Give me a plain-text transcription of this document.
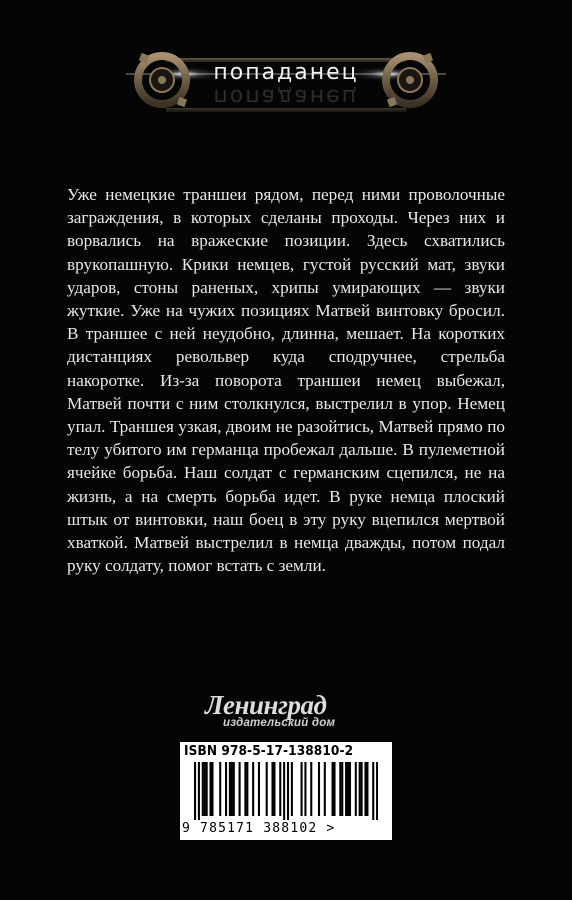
попаданец
попаданец

Уже немецкие траншеи рядом, перед ними проволочные заграждения, в которых сделаны проходы. Через них и ворвались на вражеские позиции. Здесь схватились врукопашную. Крики немцев, густой русский мат, звуки ударов, стоны раненых, хрипы умирающих — звуки жуткие. Уже на чужих позициях Матвей винтовку бросил. В траншее с ней неудобно, длинна, мешает. На коротких дистанциях револьвер куда сподручнее, стрельба накоротке. Из-за поворота траншеи немец выбежал, Матвей почти с ним столкнулся, выстрелил в упор. Немец упал. Траншея узкая, двоим не разойтись, Матвей прямо по телу убитого им германца пробежал дальше. В пулеметной ячейке борьба. Наш солдат с германским сцепился, не на жизнь, а на смерть борьба идет. В руке немца плоский штык от винтовки, наш боец в эту руку вцепился мертвой хваткой. Матвей выстрелил в немца дважды, потом подал руку солдату, помог встать с земли.

Ленинград
издательский дом
ISBN 978-5-17-138810-2
9 785171 388102 >
